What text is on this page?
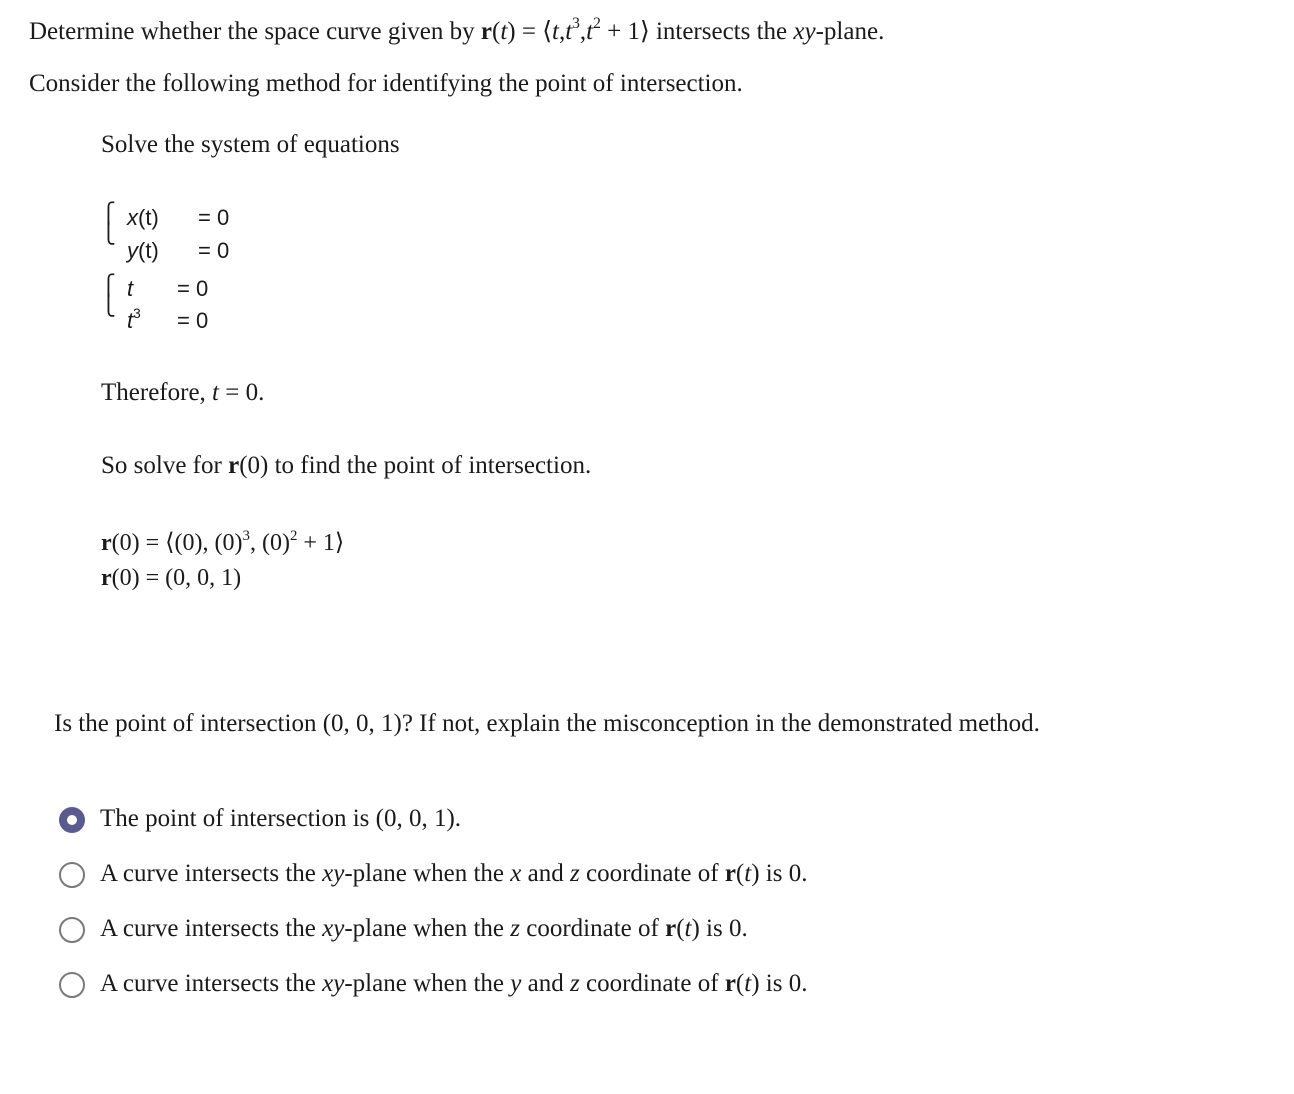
Determine whether the space curve given by $r(t) = ⟨t,t^3,t^2$ + 1⟩ intersects the xy-plane.
Consider the following method for identifying the point of intersection.
Solve the system of equations
⎧
⎩
x(t) = 0
y(t) = 0
⎧
⎩
t = 0
$t^3 = 0$
Therefore, t = 0.
So solve for r(0) to find the point of intersection.
r(0) = ⟨(0), $(0)^3$, $(0)^2$ + 1⟩
r(0) = (0, 0, 1)
Is the point of intersection (0, 0, 1)? If not, explain the misconception in the demonstrated method.
The point of intersection is (0, 0, 1).
A curve intersects the xy-plane when the x and z coordinate of r(t) is 0.
A curve intersects the xy-plane when the z coordinate of r(t) is 0.
A curve intersects the xy-plane when the y and z coordinate of r(t) is 0.
